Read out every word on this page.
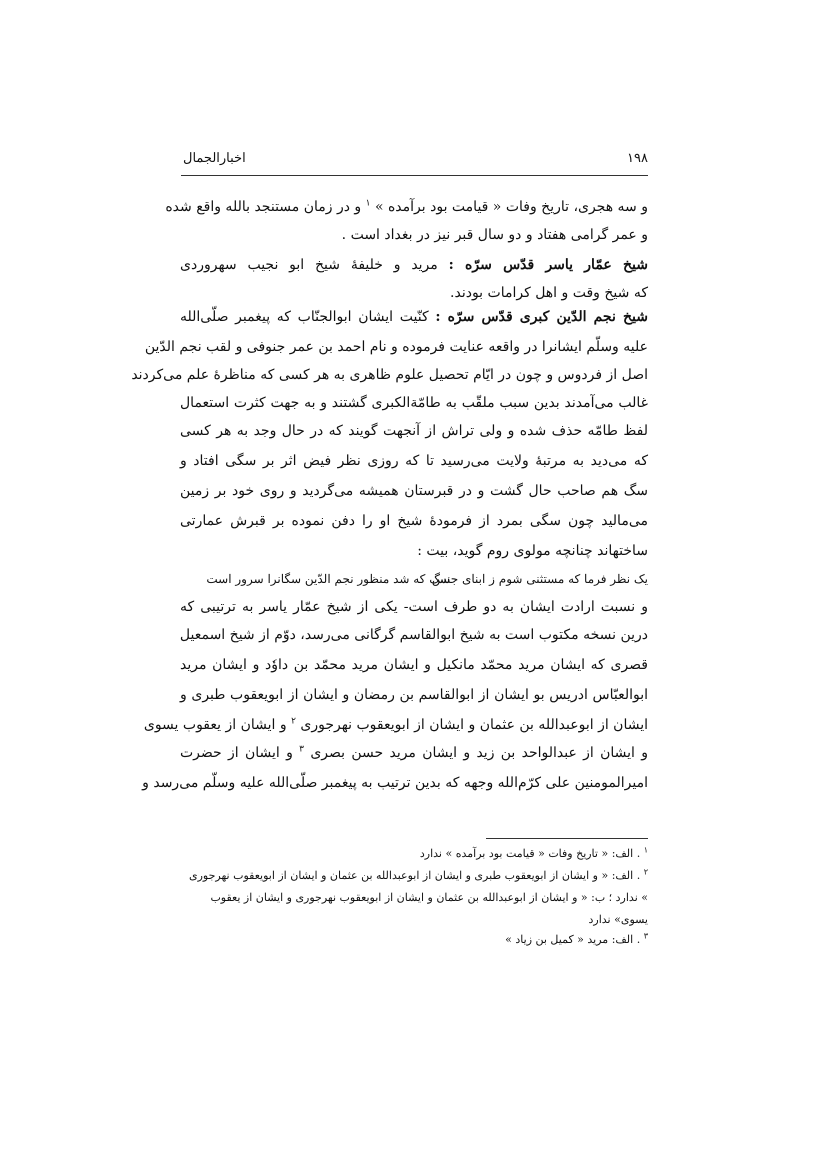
۱۹۸
اخبارالجمال
و سه هجری، تاریخ وفات « قیامت بود برآمده » $^۱$ و در زمان مستنجد بالله واقع شده
و عمر گرامی هفتاد و دو سال قبر نیز در بغداد است .
شیخ عمّار یاسر قدّس سرّه : مرید و خلیفهٔ شیخ ابو نجیب سهروردی
که شیخ وقت و اهل کرامات بودند.
شیخ نجم الدّین کبری قدّس سرّه : کنّیت ایشان ابوالجنّاب که پیغمبر صلّی‌الله
علیه وسلّم ایشانرا در واقعه عنایت فرموده و نام احمد بن عمر جنوفی و لقب نجم الدّین
اصل از فردوس و چون در ایّام تحصیل علوم ظاهری به هر کسی که مناظرهٔ علم می‌کردند
غالب می‌آمدند بدین سبب ملقّب به طامّةالکبری گشتند و به جهت کثرت استعمال
لفظ طامّه حذف شده و ولی تراش از آنجهت گویند که در حال وجد به هر کسی
که می‌دید به مرتبهٔ ولایت می‌رسید تا که روزی نظر فیض اثر بر سگی افتاد و
سگ هم صاحب حال گشت و در قبرستان همیشه می‌گردید و روی خود بر زمین
می‌مالید چون سگی بمرد از فرمودهٔ شیخ او را دفن نموده بر قبرش عمارتی
ساختهاند چنانچه مولوی روم گوید، بیت :
یک نظر فرما که مستثنی شوم ز ابنای جنس
سگ که شد منظور نجم الدّین سگانرا سرور است
و نسبت ارادت ایشان به دو طرف است- یکی از شیخ عمّار یاسر به ترتیبی که
درین نسخه مکتوب است به شیخ ابوالقاسم گرگانی می‌رسد، دوّم از شیخ اسمعیل
قصری که ایشان مرید محمّد مانکیل و ایشان مرید محمّد بن داوٗد و ایشان مرید
ابوالعبّاس ادریس بو ایشان از ابوالقاسم بن رمضان و ایشان از ابویعقوب طبری و
ایشان از ابوعبدالله بن عثمان و ایشان از ابویعقوب نهرجوری $^۲$ و ایشان از یعقوب یسوی
و ایشان از عبدالواحد بن زید و ایشان مرید حسن بصری $^۳$ و ایشان از حضرت
امیرالمومنین علی کرّم‌الله وجهه که بدین ترتیب به پیغمبر صلّی‌الله علیه وسلّم می‌رسد و
$^۱$ . الف: « تاریخ وفات « قیامت بود برآمده » ندارد
$^۲$ . الف: « و ایشان از ابویعقوب طبری و ایشان از ابوعبدالله بن عثمان و ایشان از ابویعقوب نهرجوری
» ندارد ؛ ب: « و ایشان از ابوعبدالله بن عثمان و ایشان از ابویعقوب نهرجوری و ایشان از یعقوب
یسوی» ندارد
$^۳$ . الف: مرید « کمیل بن زیاد »
